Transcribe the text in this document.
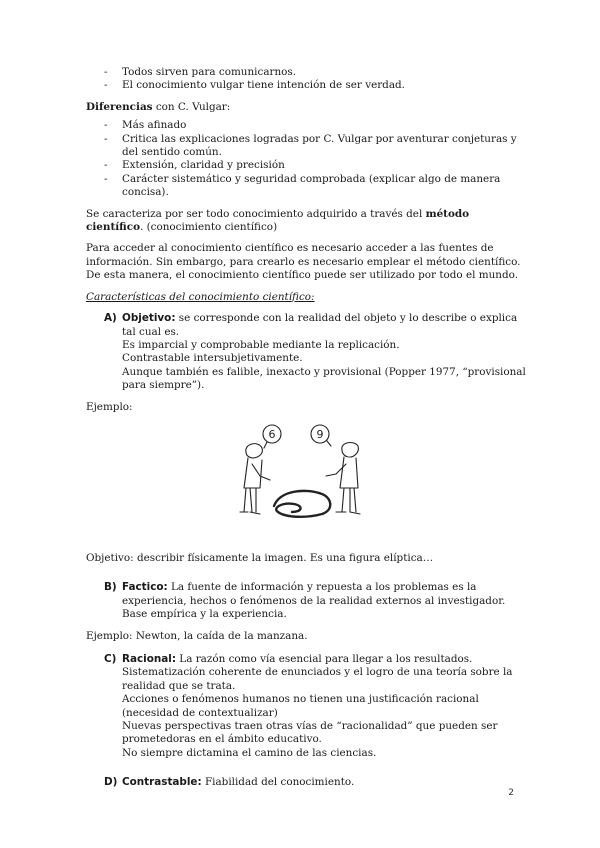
- Todos sirven para comunicarnos.
- El conocimiento vulgar tiene intención de ser verdad.

Diferencias con C. Vulgar:

- Más afinado
- Critica las explicaciones logradas por C. Vulgar por aventurar conjeturas y del sentido común.
- Extensión, claridad y precisión
- Carácter sistemático y seguridad comprobada (explicar algo de manera concisa).

Se caracteriza por ser todo conocimiento adquirido a través del método científico. (conocimiento científico)

Para acceder al conocimiento científico es necesario acceder a las fuentes de información. Sin embargo, para crearlo es necesario emplear el método científico. De esta manera, el conocimiento científico puede ser utilizado por todo el mundo.

Características del conocimiento científico:

A) Objetivo: se corresponde con la realidad del objeto y lo describe o explica tal cual es.
Es imparcial y comprobable mediante la replicación.
Contrastable intersubjetivamente.
Aunque también es falible, inexacto y provisional (Popper 1977, “provisional para siempre”).

Ejemplo:

6	9
6

Objetivo: describir físicamente la imagen. Es una figura elíptica…

B) Factico: La fuente de información y repuesta a los problemas es la experiencia, hechos o fenómenos de la realidad externos al investigador.
Base empírica y la experiencia.

Ejemplo: Newton, la caída de la manzana.

C) Racional: La razón como vía esencial para llegar a los resultados.
Sistematización coherente de enunciados y el logro de una teoría sobre la realidad que se trata.
Acciones o fenómenos humanos no tienen una justificación racional (necesidad de contextualizar)
Nuevas perspectivas traen otras vías de “racionalidad” que pueden ser prometedoras en el ámbito educativo.
No siempre dictamina el camino de las ciencias.
D) Contrastable: Fiabilidad del conocimiento.
2
